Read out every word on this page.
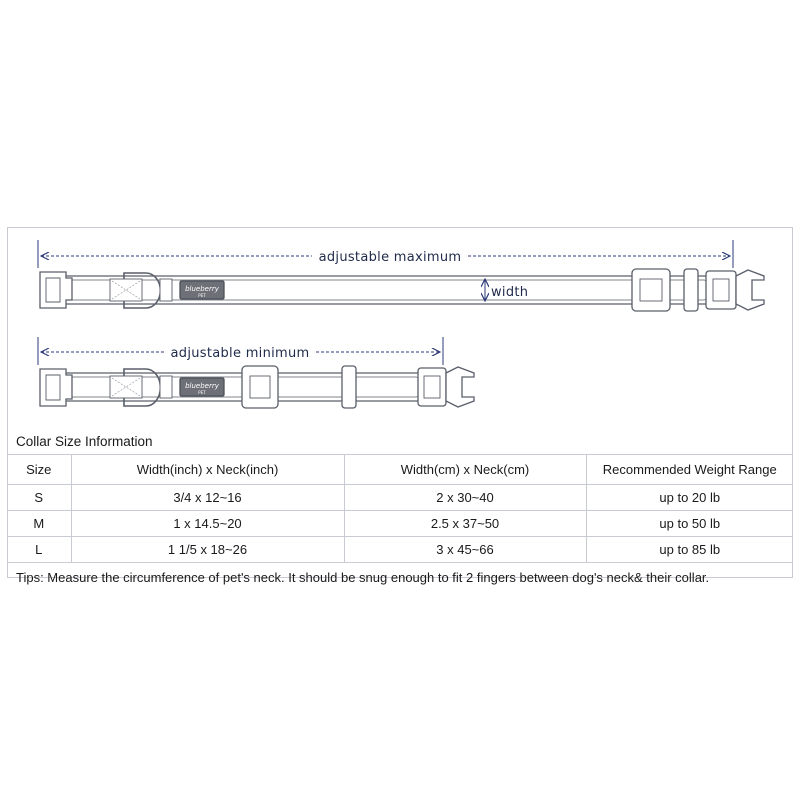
adjustable maximum
blueberry
PET	width
adjustable minimum
blueberry
PET
Collar Size Information			
Size	Width(inch) x Neck(inch)	Width(cm) x Neck(cm)	Recommended Weight Range
S	3/4 x 12~16	2 x 30~40	up to 20 lb
M	1 x 14.5~20	2.5 x 37~50	up to 50 lb
L	1 1/5 x 18~26	3 x 45~66	up to 85 lb
Tips: Measure the circumference of pet's neck. It should be snug enough to fit 2 fingers between dog's neck& their collar.			
